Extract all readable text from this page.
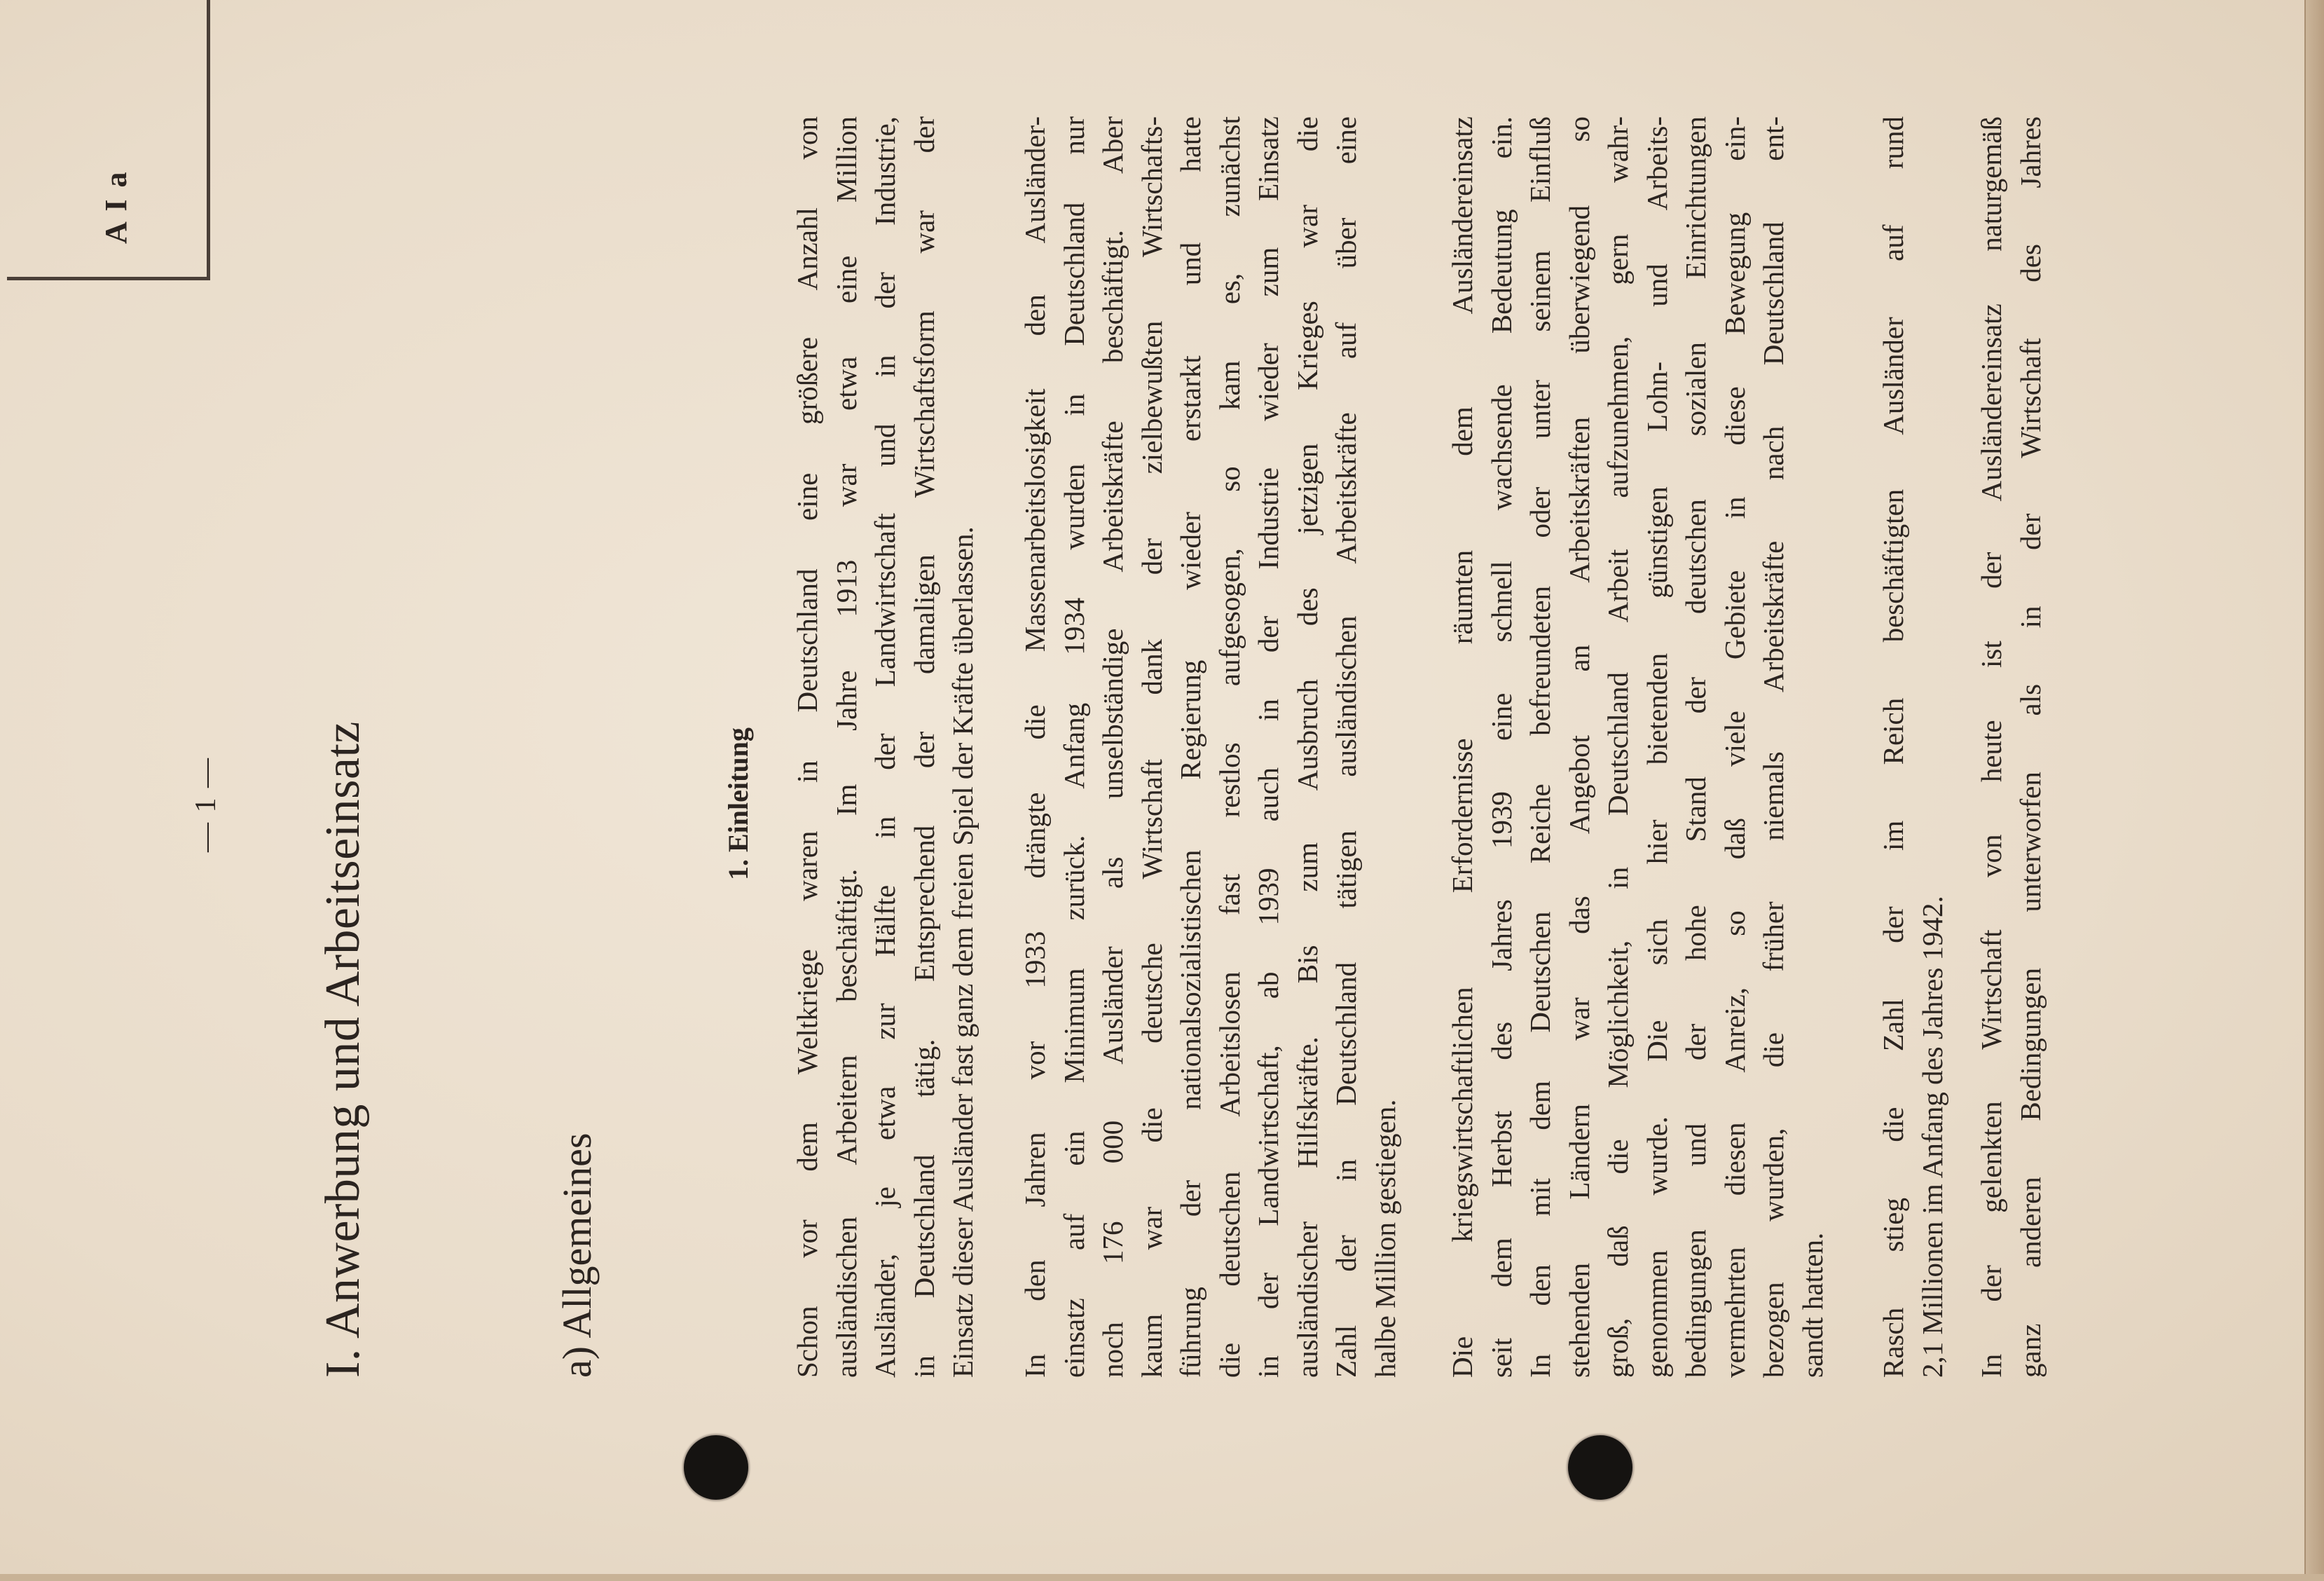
A I a
— 1 — I. Anwerbung und Arbeitseinsatz	a) Allgemeines
1. Einleitung Schon vor dem Weltkriege waren in Deutschland eine größere Anzahl von ausländischen Arbeitern beschäftigt. Im Jahre 1913 war etwa eine Million Ausländer, je etwa zur Hälfte in der Landwirtschaft und in der Industrie, in Deutschland tätig. Entsprechend der damaligen Wirtschaftsform war der Einsatz dieser Ausländer fast ganz dem freien Spiel der Kräfte überlassen. In den Jahren vor 1933 drängte die Massenarbeitslosigkeit den Ausländer- einsatz auf ein Minimum zurück. Anfang 1934 wurden in Deutschland nur noch 176 000 Ausländer als unselbständige Arbeitskräfte beschäftigt. Aber kaum war die deutsche Wirtschaft dank der zielbewußten Wirtschafts- führung der nationalsozialistischen Regierung wieder erstarkt und hatte die deutschen Arbeitslosen fast restlos aufgesogen, so kam es, zunächst in der Landwirtschaft, ab 1939 auch in der Industrie wieder zum Einsatz ausländischer Hilfskräfte. Bis zum Ausbruch des jetzigen Krieges war die Zahl der in Deutschland tätigen ausländischen Arbeitskräfte auf über eine halbe Million gestiegen. Die kriegswirtschaftlichen Erfordernisse räumten dem Ausländereinsatz seit dem Herbst des Jahres 1939 eine schnell wachsende Bedeutung ein. In den mit dem Deutschen Reiche befreundeten oder unter seinem Einfluß stehenden Ländern war das Angebot an Arbeitskräften überwiegend so groß, daß die Möglichkeit, in Deutschland Arbeit aufzunehmen, gern wahr- genommen wurde. Die sich hier bietenden günstigen Lohn- und Arbeits- bedingungen und der hohe Stand der deutschen sozialen Einrichtungen vermehrten diesen Anreiz, so daß viele Gebiete in diese Bewegung ein- bezogen wurden, die früher niemals Arbeitskräfte nach Deutschland ent- sandt hatten. Rasch stieg die Zahl der im Reich beschäftigten Ausländer auf rund 2,1 Millionen im Anfang des Jahres 1942. In der gelenkten Wirtschaft von heute ist der Ausländereinsatz naturgemäß ganz anderen Bedingungen unterworfen als in der Wirtschaft des Jahres
